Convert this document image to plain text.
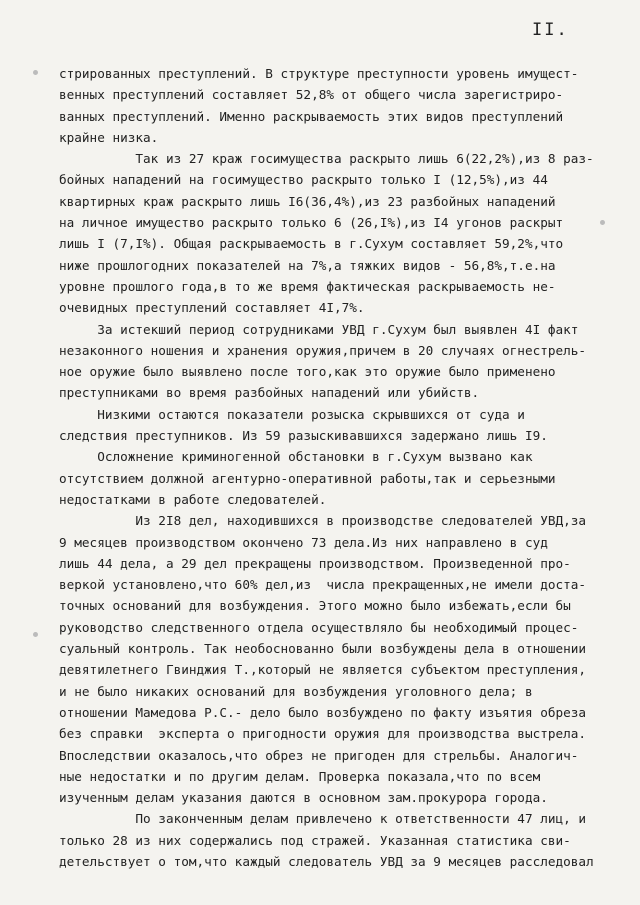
II.
стрированных преступлений. В структуре преступности уровень имущест-
венных преступлений составляет 52,8% от общего числа зарегистриро-
ванных преступлений. Именно раскрываемость этих видов преступлений
крайне низка.
Так из 27 краж госимущества раскрыто лишь 6(22,2%),из 8 раз-
бойных нападений на госимущество раскрыто только I (12,5%),из 44
квартирных краж раскрыто лишь I6(36,4%),из 23 разбойных нападений
на личное имущество раскрыто только 6 (26,I%),из I4 угонов раскрыт
лишь I (7,I%). Общая раскрываемость в г.Сухум составляет 59,2%,что
ниже прошлогодних показателей на 7%,а тяжких видов - 56,8%,т.е.на
уровне прошлого года,в то же время фактическая раскрываемость не-
очевидных преступлений составляет 4I,7%.
За истекший период сотрудниками УВД г.Сухум был выявлен 4I факт
незаконного ношения и хранения оружия,причем в 20 случаях огнестрель-
ное оружие было выявлено после того,как это оружие было применено
преступниками во время разбойных нападений или убийств.
Низкими остаются показатели розыска скрывшихся от суда и
следствия преступников. Из 59 разыскивавшихся задержано лишь I9.
Осложнение криминогенной обстановки в г.Сухум вызвано как
отсутствием должной агентурно-оперативной работы,так и серьезными
недостатками в работе следователей.
Из 2I8 дел, находившихся в производстве следователей УВД,за
9 месяцев производством окончено 73 дела.Из них направлено в суд
лишь 44 дела, а 29 дел прекращены производством. Произведенной про-
веркой установлено,что 60% дел,из  числа прекращенных,не имели доста-
точных оснований для возбуждения. Этого можно было избежать,если бы
руководство следственного отдела осуществляло бы необходимый процес-
суальный контроль. Так необоснованно были возбуждены дела в отношении
девятилетнего Гвинджия Т.,который не является субъектом преступления,
и не было никаких оснований для возбуждения уголовного дела; в
отношении Мамедова Р.С.- дело было возбуждено по факту изъятия обреза
без справки  эксперта о пригодности оружия для производства выстрела.
Впоследствии оказалось,что обрез не пригоден для стрельбы. Аналогич-
ные недостатки и по другим делам. Проверка показала,что по всем
изученным делам указания даются в основном зам.прокурора города.
По законченным делам привлечено к ответственности 47 лиц, и
только 28 из них содержались под стражей. Указанная статистика сви-
детельствует о том,что каждый следователь УВД за 9 месяцев расследовал
